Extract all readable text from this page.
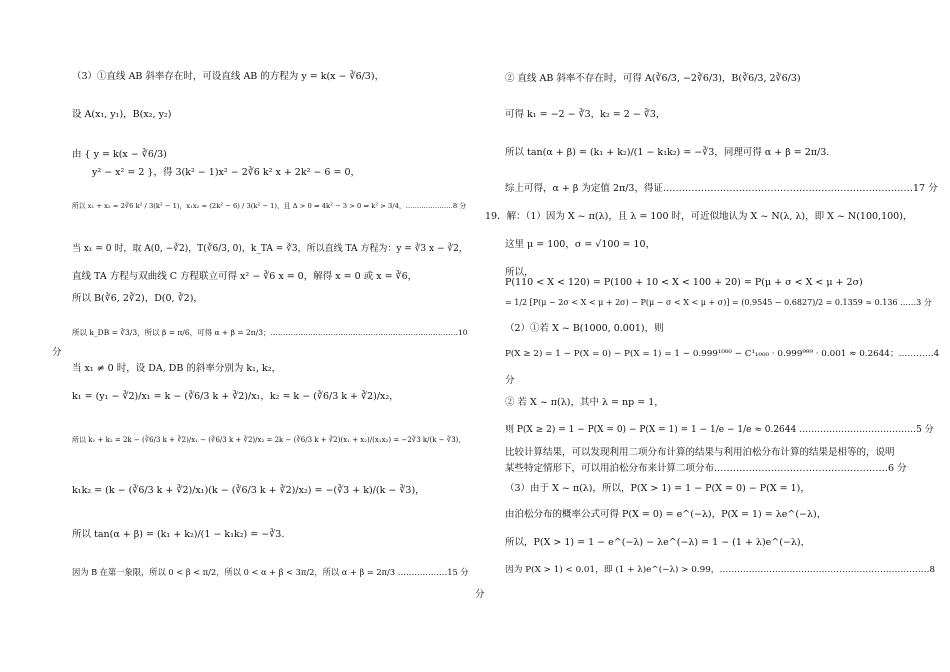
（3）①直线 AB 斜率存在时，可设直线 AB 的方程为 y = k(x − ∛6/3)，
设 A(x₁, y₁)，B(x₂, y₂)
由 { y = k(x − ∛6/3)
y² − x² = 2 }，得 3(k² − 1)x² − 2∛6 k² x + 2k² − 6 = 0，
所以 x₁ + x₂ = 2∛6 k² / 3(k² − 1)，x₁x₂ = (2k² − 6) / 3(k² − 1)，且 Δ > 0 ⇒ 4k² − 3 > 0 ⇒ k² > 3/4，…………………8 分
当 x₁ = 0 时，取 A(0, −∛2)，T(∛6/3, 0)，k_TA = ∛3，所以直线 TA 方程为：y = ∛3 x − ∛2，
直线 TA 方程与双曲线 C 方程联立可得 x² − ∛6 x = 0，解得 x = 0 或 x = ∛6，
所以 B(∛6, 2∛2)，D(0, ∛2)，
所以 k_DB = ∛3/3，所以 β = π/6，可得 α + β = 2π/3；…………………………………………………………………10
分
当 x₁ ≠ 0 时，设 DA, DB 的斜率分别为 k₁, k₂，
k₁ = (y₁ − ∛2)/x₁ = k − (∛6/3 k + ∛2)/x₁，k₂ = k − (∛6/3 k + ∛2)/x₂，
所以 k₁ + k₂ = 2k − (∛6/3 k + ∛2)/x₁ − (∛6/3 k + ∛2)/x₂ = 2k − (∛6/3 k + ∛2)(x₁ + x₂)/(x₁x₂) = −2∛3 k/(k − ∛3)，
k₁k₂ = (k − (∛6/3 k + ∛2)/x₁)(k − (∛6/3 k + ∛2)/x₂) = −(∛3 + k)/(k − ∛3)，
所以 tan(α + β) = (k₁ + k₂)/(1 − k₁k₂) = −∛3.
因为 B 在第一象限，所以 0 < β < π/2，所以 0 < α + β < 3π/2，所以 α + β = 2π/3 ………………15 分
② 直线 AB 斜率不存在时，可得 A(∛6/3, −2∛6/3)，B(∛6/3, 2∛6/3)
可得 k₁ = −2 − ∛3，k₂ = 2 − ∛3，
所以 tan(α + β) = (k₁ + k₂)/(1 − k₁k₂) = −∛3，同理可得 α + β = 2π/3.
综上可得，α + β 为定值 2π/3，得证.……………………………………………………………………17 分
19．解：（1）因为 X ~ π(λ)，且 λ = 100 时，可近似地认为 X ~ N(λ, λ)，即 X ~ N(100,100)，
这里 μ = 100，σ = √100 = 10，
所以，
P(110 < X < 120) = P(100 + 10 < X < 100 + 20) = P(μ + σ < X < μ + 2σ)
= 1/2 [P(μ − 2σ < X < μ + 2σ) − P(μ − σ < X < μ + σ)] = (0.9545 − 0.6827)/2 = 0.1359 ≈ 0.136 ……3 分
（2）①若 X ~ B(1000, 0.001)，则
P(X ≥ 2) = 1 − P(X = 0) − P(X = 1) = 1 − 0.999¹⁰⁰⁰ − C¹₁₀₀₀ · 0.999⁹⁹⁹ · 0.001 ≈ 0.2644；…………4
分
② 若 X ~ π(λ)，其中 λ = np = 1，
则 P(X ≥ 2) = 1 − P(X = 0) − P(X = 1) = 1 − 1/e − 1/e ≈ 0.2644 …………………………………5 分
比较计算结果，可以发现利用二项分布计算的结果与利用泊松分布计算的结果是相等的，说明
某些特定情形下，可以用泊松分布来计算二项分布.………………………………………………6 分
（3）由于 X ~ π(λ)，所以，P(X > 1) = 1 − P(X = 0) − P(X = 1)，
由泊松分布的概率公式可得 P(X = 0) = e^(−λ)，P(X = 1) = λe^(−λ)，
所以，P(X > 1) = 1 − e^(−λ) − λe^(−λ) = 1 − (1 + λ)e^(−λ)，
因为 P(X > 1) < 0.01，即 (1 + λ)e^(−λ) > 0.99，………………………………………………………………8
分
